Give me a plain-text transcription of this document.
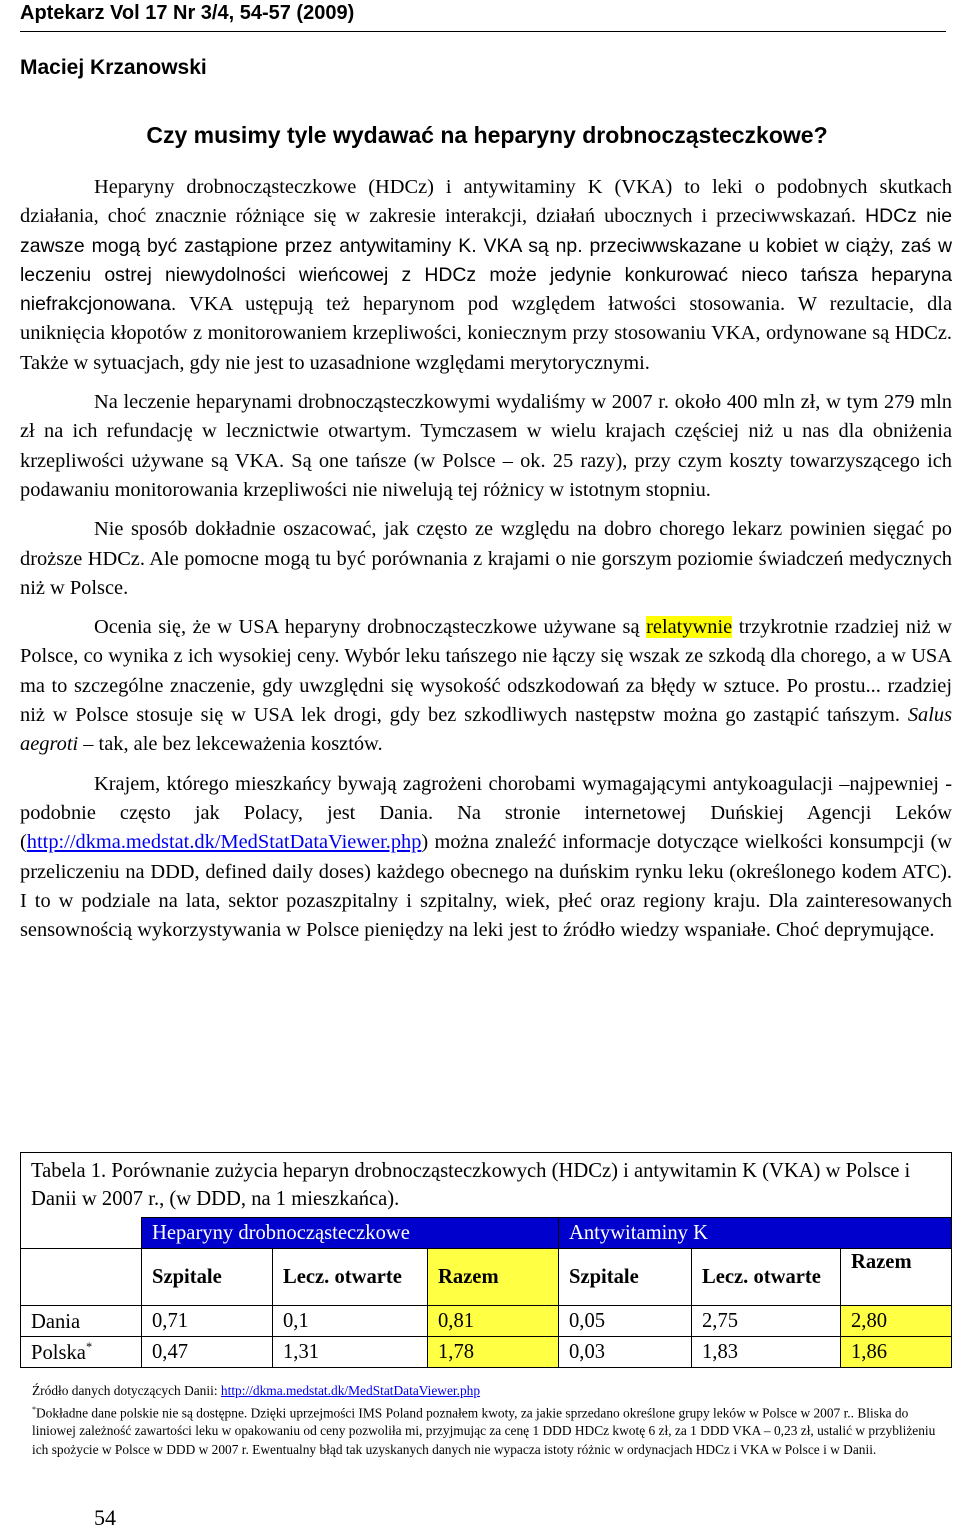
Aptekarz Vol 17 Nr 3/4, 54-57 (2009)
Maciej Krzanowski
Czy musimy tyle wydawać na heparyny drobnocząsteczkowe?

Heparyny drobnocząsteczkowe (HDCz) i antywitaminy K (VKA) to leki o podobnych skutkach działania, choć znacznie różniące się w zakresie interakcji, działań ubocznych i przeciwwskazań. HDCz nie zawsze mogą być zastąpione przez antywitaminy K. VKA są np. przeciwwskazane u kobiet w ciąży, zaś w leczeniu ostrej niewydolności wieńcowej z HDCz może jedynie konkurować nieco tańsza heparyna niefrakcjonowana. VKA ustępują też heparynom pod względem łatwości stosowania. W rezultacie, dla uniknięcia kłopotów z monitorowaniem krzepliwości, koniecznym przy stosowaniu VKA, ordynowane są HDCz. Także w sytuacjach, gdy nie jest to uzasadnione względami merytorycznymi.

Na leczenie heparynami drobnocząsteczkowymi wydaliśmy w 2007 r. około 400 mln zł, w tym 279 mln zł na ich refundację w lecznictwie otwartym. Tymczasem w wielu krajach częściej niż u nas dla obniżenia krzepliwości używane są VKA. Są one tańsze (w Polsce – ok. 25 razy), przy czym koszty towarzyszącego ich podawaniu monitorowania krzepliwości nie niwelują tej różnicy w istotnym stopniu.

Nie sposób dokładnie oszacować, jak często ze względu na dobro chorego lekarz powinien sięgać po droższe HDCz. Ale pomocne mogą tu być porównania z krajami o nie gorszym poziomie świadczeń medycznych niż w Polsce.

Ocenia się, że w USA heparyny drobnocząsteczkowe używane są relatywnie trzykrotnie rzadziej niż w Polsce, co wynika z ich wysokiej ceny. Wybór leku tańszego nie łączy się wszak ze szkodą dla chorego, a w USA ma to szczególne znaczenie, gdy uwzględni się wysokość odszkodowań za błędy w sztuce. Po prostu... rzadziej niż w Polsce stosuje się w USA lek drogi, gdy bez szkodliwych następstw można go zastąpić tańszym. Salus aegroti – tak, ale bez lekceważenia kosztów.

Krajem, którego mieszkańcy bywają zagrożeni chorobami wymagającymi antykoagulacji –najpewniej - podobnie często jak Polacy, jest Dania. Na stronie internetowej Duńskiej Agencji Leków (http://dkma.medstat.dk/MedStatDataViewer.php) można znaleźć informacje dotyczące wielkości konsumpcji (w przeliczeniu na DDD, defined daily doses) każdego obecnego na duńskim rynku leku (określonego kodem ATC). I to w podziale na lata, sektor pozaszpitalny i szpitalny, wiek, płeć oraz regiony kraju. Dla zainteresowanych sensownością wykorzystywania w Polsce pieniędzy na leki jest to źródło wiedzy wspaniałe. Choć deprymujące.

Tabela 1. Porównanie zużycia heparyn drobnocząsteczkowych (HDCz) i antywitamin K (VKA) w Polsce i Danii w 2007 r., (w DDD, na 1 mieszkańca).						
	Heparyny drobnocząsteczkowe			Antywitaminy K		
	Szpitale	Lecz. otwarte	Razem	Szpitale	Lecz. otwarte	Razem
Dania	0,71	0,1	0,81	0,05	2,75	2,80
Polska*	0,47	1,31	1,78	0,03	1,83	1,86

Źródło danych dotyczących Danii: http://dkma.medstat.dk/MedStatDataViewer.php

*Dokładne dane polskie nie są dostępne. Dzięki uprzejmości IMS Poland poznałem kwoty, za jakie sprzedano określone grupy leków w Polsce w 2007 r.. Bliska do liniowej zależność zawartości leku w opakowaniu od ceny pozwoliła mi, przyjmując za cenę 1 DDD HDCz kwotę 6 zł, za 1 DDD VKA – 0,23 zł, ustalić w przybliżeniu ich spożycie w Polsce w DDD w 2007 r. Ewentualny błąd tak uzyskanych danych nie wypacza istoty różnic w ordynacjach HDCz i VKA w Polsce i w Danii.

54
